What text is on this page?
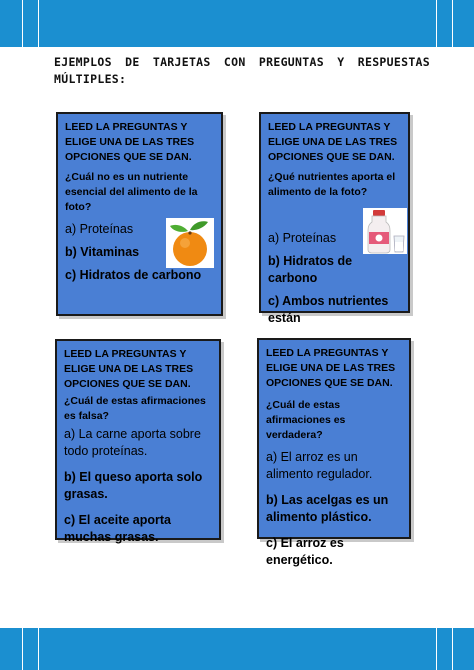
EJEMPLOS DE TARJETAS CON PREGUNTAS Y RESPUESTAS MÚLTIPLES:
LEED LA PREGUNTAS Y ELIGE UNA DE LAS TRES OPCIONES QUE SE DAN.
¿Cuál no es un nutriente esencial del alimento de la foto?
a) Proteínas
b) Vitaminas
c) Hidratos de carbono
LEED LA PREGUNTAS Y ELIGE UNA DE LAS TRES OPCIONES QUE SE DAN.
¿Qué nutrientes aporta el alimento de la foto?
a) Proteínas
b) Hidratos de carbono
c) Ambos nutrientes están
LEED LA PREGUNTAS Y ELIGE UNA DE LAS TRES OPCIONES QUE SE DAN.
¿Cuál de estas afirmaciones es falsa?
a) La carne aporta sobre todo proteínas.
b) El queso aporta solo grasas.
c) El aceite aporta muchas grasas.
LEED LA PREGUNTAS Y ELIGE UNA DE LAS TRES OPCIONES QUE SE DAN.
¿Cuál de estas afirmaciones es verdadera?
a) El arroz es un alimento regulador.
b) Las acelgas es un alimento plástico.
c) El arroz es energético.
